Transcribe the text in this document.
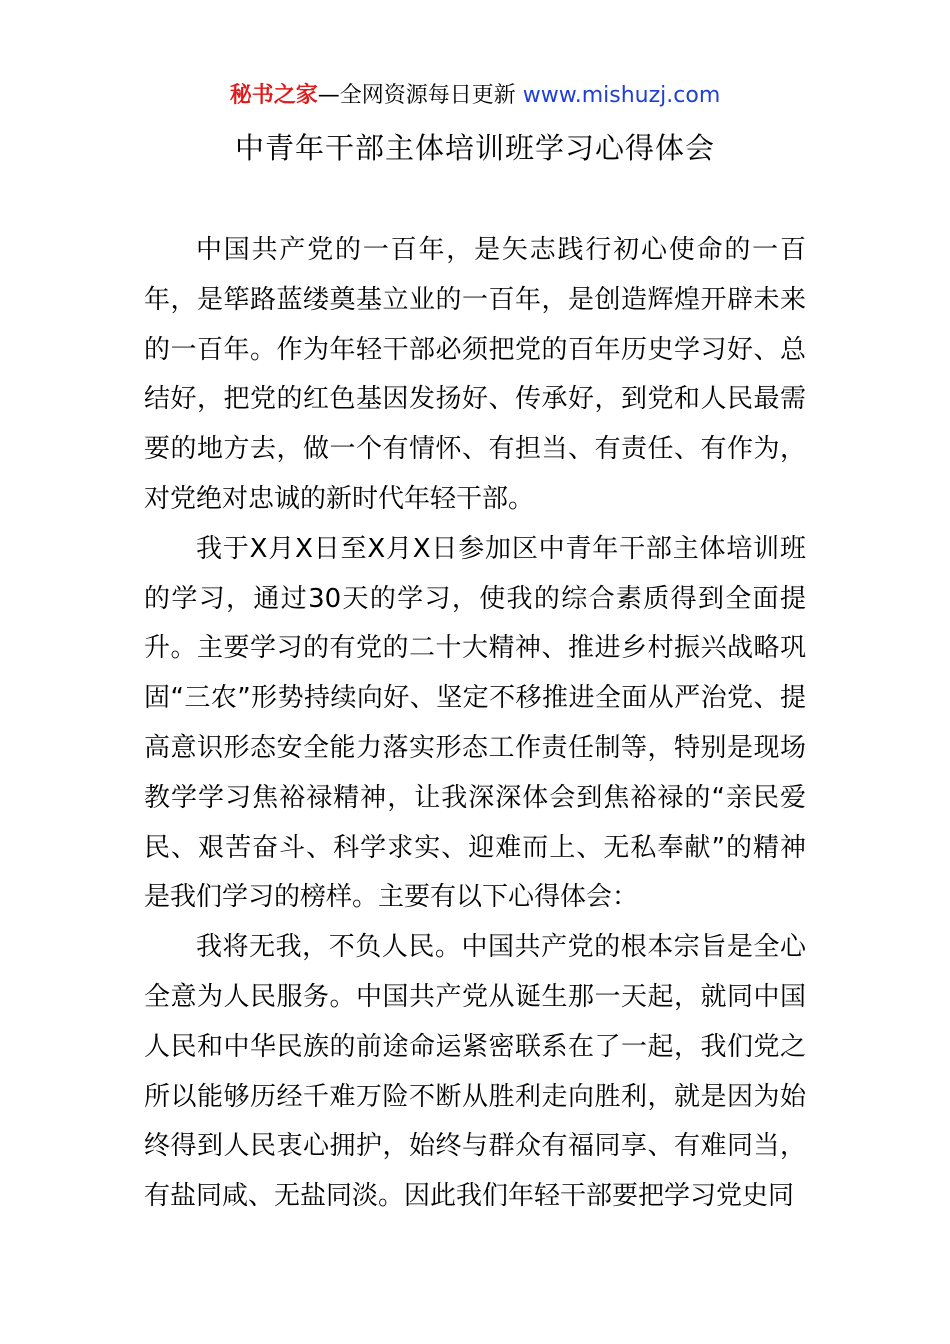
秘书之家—全网资源每日更新 www.mishuzj.com
中青年干部主体培训班学习心得体会

中国共产党的一百年，是矢志践行初心使命的一百年，是筚路蓝缕奠基立业的一百年，是创造辉煌开辟未来的一百年。作为年轻干部必须把党的百年历史学习好、总结好，把党的红色基因发扬好、传承好，到党和人民最需要的地方去，做一个有情怀、有担当、有责任、有作为，对党绝对忠诚的新时代年轻干部。

我于X月X日至X月X日参加区中青年干部主体培训班的学习，通过30天的学习，使我的综合素质得到全面提升。主要学习的有党的二十大精神、推进乡村振兴战略巩固“三农”形势持续向好、坚定不移推进全面从严治党、提高意识形态安全能力落实形态工作责任制等，特别是现场教学学习焦裕禄精神，让我深深体会到焦裕禄的“亲民爱民、艰苦奋斗、科学求实、迎难而上、无私奉献”的精神是我们学习的榜样。主要有以下心得体会：

我将无我，不负人民。中国共产党的根本宗旨是全心全意为人民服务。中国共产党从诞生那一天起，就同中国人民和中华民族的前途命运紧密联系在了一起，我们党之所以能够历经千难万险不断从胜利走向胜利，就是因为始终得到人民衷心拥护，始终与群众有福同享、有难同当，有盐同咸、无盐同淡。因此我们年轻干部要把学习党史同
